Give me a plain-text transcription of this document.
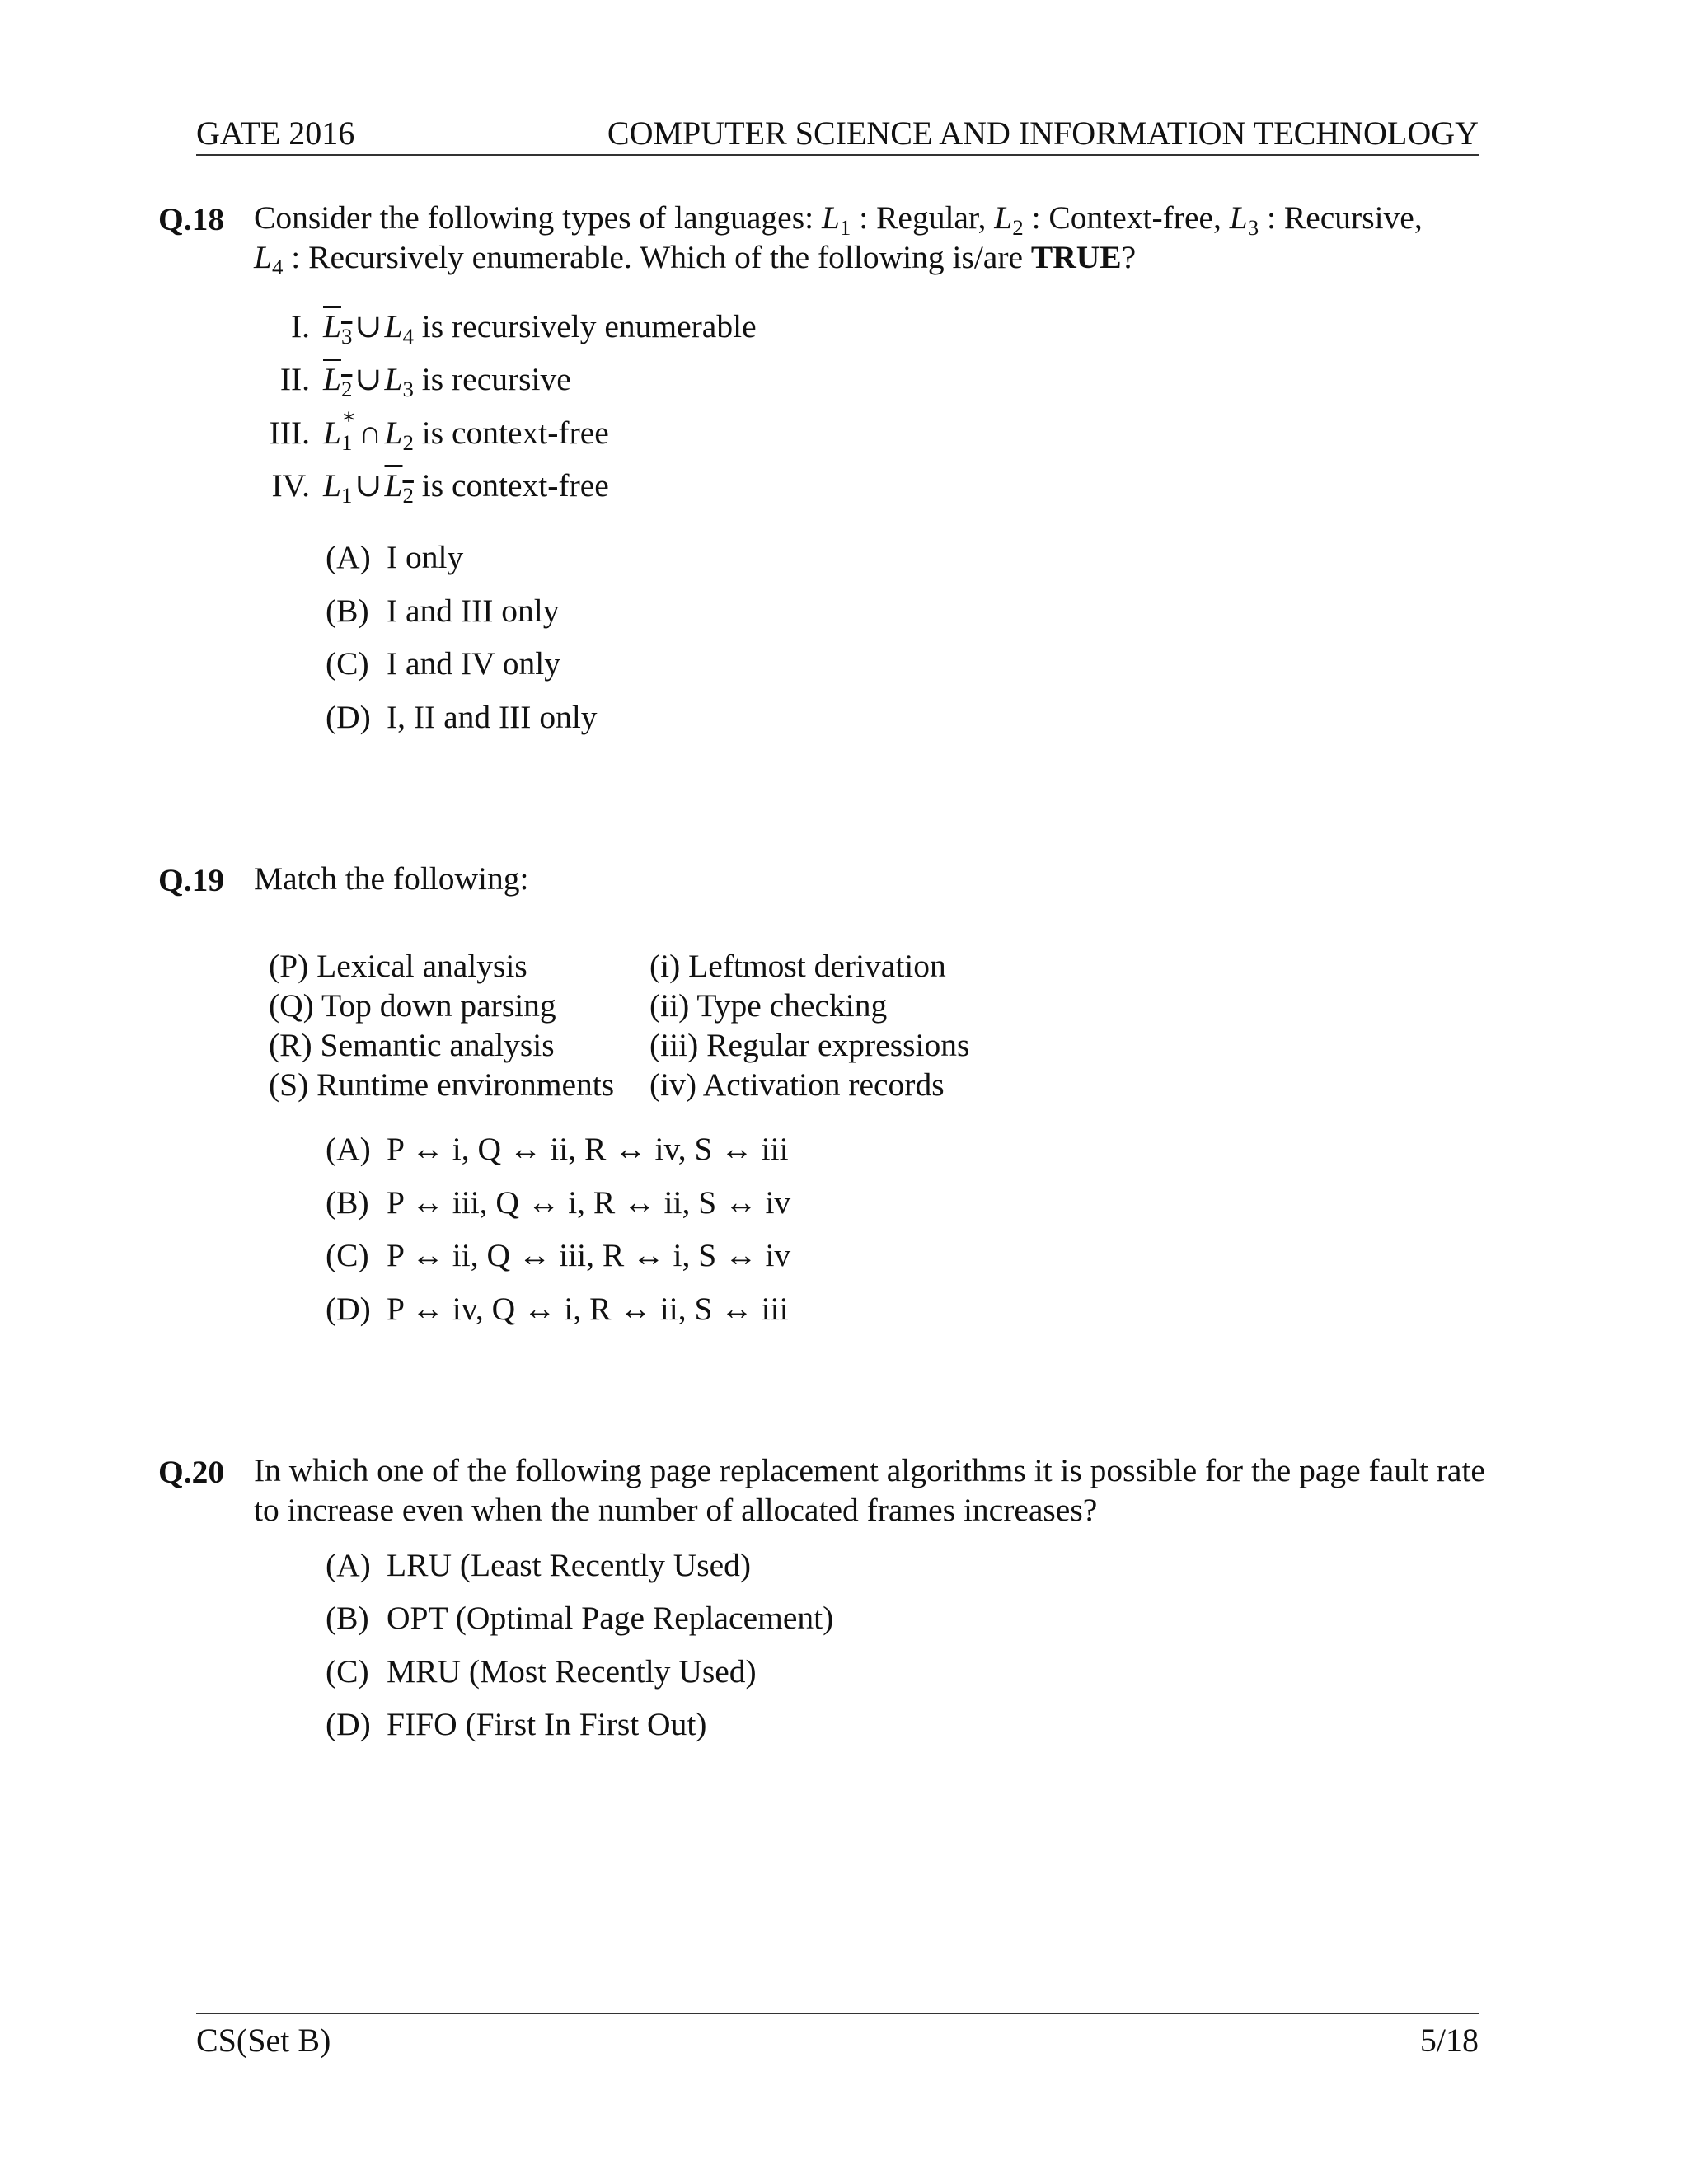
GATE 2016	COMPUTER SCIENCE AND INFORMATION TECHNOLOGY
Q.18 Consider the following types of languages: $L_1$ : Regular, $L_2$ : Context-free, $L_3$ : Recursive,
$L_4$ : Recursively enumerable. Which of the following is/are TRUE?
I. $L_3\cup L_4$ is recursively enumerable
II. $L_2\cup L_3$ is recursive
III. L ∗
$_1$ $\cap L_2$ is context-free
IV. $L_1\cup L_2$ is context-free
(A) I only
(B) I and III only
(C) I and IV only
(D) I, II and III only
Q.19 Match the following:
(P) Lexical analysis
(Q) Top down parsing
(R) Semantic analysis
(S) Runtime environments
(i) Leftmost derivation
(ii) Type checking
(iii) Regular expressions
(iv) Activation records
(A) P ↔ i, Q ↔ ii, R ↔ iv, S ↔ iii
(B) P ↔ iii, Q ↔ i, R ↔ ii, S ↔ iv
(C) P ↔ ii, Q ↔ iii, R ↔ i, S ↔ iv
(D) P ↔ iv, Q ↔ i, R ↔ ii, S ↔ iii
Q.20 In which one of the following page replacement algorithms it is possible for the page fault rate
to increase even when the number of allocated frames increases?
(A) LRU (Least Recently Used)
(B) OPT (Optimal Page Replacement)
(C) MRU (Most Recently Used)
(D) FIFO (First In First Out)
CS(Set B)	5/18
